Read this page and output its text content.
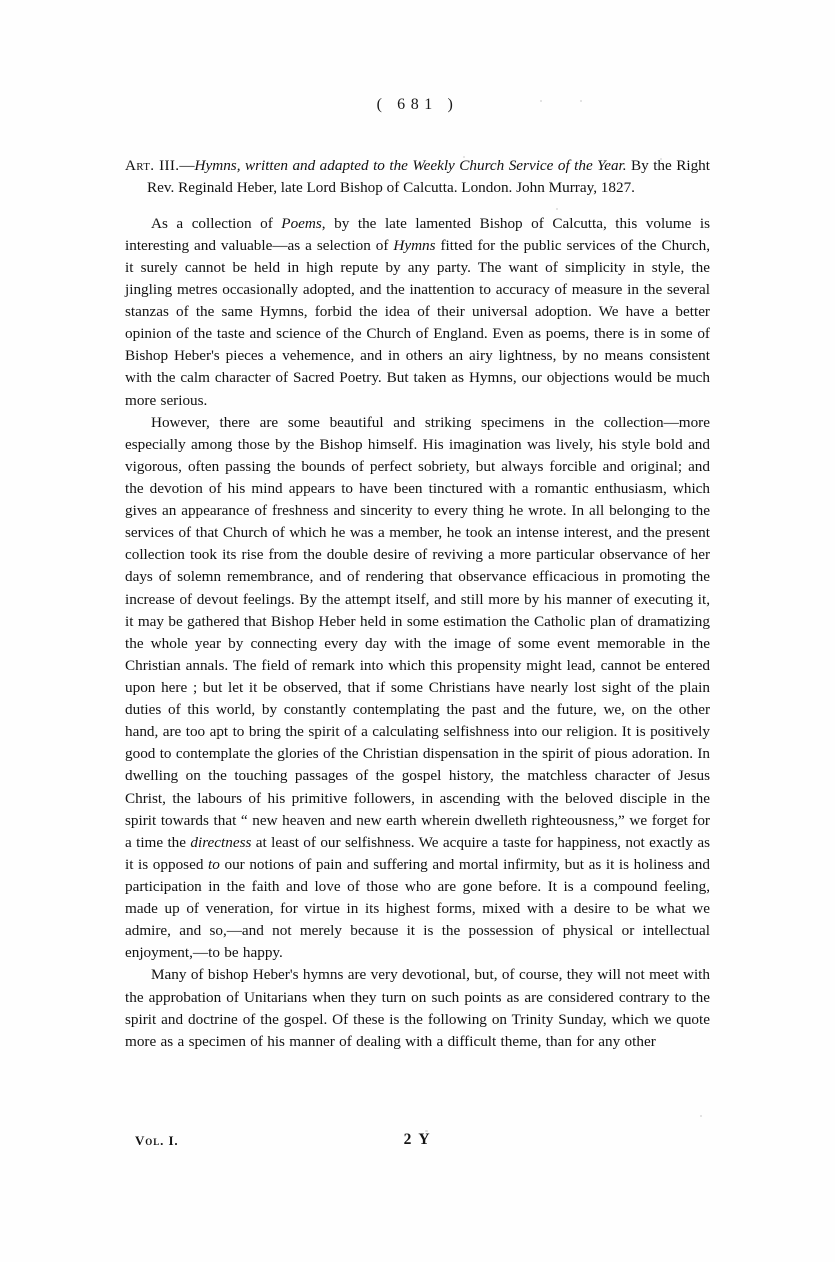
( 681 )

Art. III.—Hymns, written and adapted to the Weekly Church Service of the Year. By the Right Rev. Reginald Heber, late Lord Bishop of Calcutta. London. John Murray, 1827.

As a collection of Poems, by the late lamented Bishop of Calcutta, this volume is interesting and valuable—as a selection of Hymns fitted for the public services of the Church, it surely cannot be held in high repute by any party. The want of simplicity in style, the jingling metres occasionally adopted, and the inattention to accuracy of measure in the several stanzas of the same Hymns, forbid the idea of their universal adoption. We have a better opinion of the taste and science of the Church of England. Even as poems, there is in some of Bishop Heber's pieces a vehemence, and in others an airy lightness, by no means consistent with the calm character of Sacred Poetry. But taken as Hymns, our objections would be much more serious.

However, there are some beautiful and striking specimens in the collection—more especially among those by the Bishop himself. His imagination was lively, his style bold and vigorous, often passing the bounds of perfect sobriety, but always forcible and original; and the devotion of his mind appears to have been tinctured with a romantic enthusiasm, which gives an appearance of freshness and sincerity to every thing he wrote. In all belonging to the services of that Church of which he was a member, he took an intense interest, and the present collection took its rise from the double desire of reviving a more particular observance of her days of solemn remembrance, and of rendering that observance efficacious in promoting the increase of devout feelings. By the attempt itself, and still more by his manner of executing it, it may be gathered that Bishop Heber held in some estimation the Catholic plan of dramatizing the whole year by connecting every day with the image of some event memorable in the Christian annals. The field of remark into which this propensity might lead, cannot be entered upon here ; but let it be observed, that if some Christians have nearly lost sight of the plain duties of this world, by constantly contemplating the past and the future, we, on the other hand, are too apt to bring the spirit of a calculating selfishness into our religion. It is positively good to contemplate the glories of the Christian dispensation in the spirit of pious adoration. In dwelling on the touching passages of the gospel history, the matchless character of Jesus Christ, the labours of his primitive followers, in ascending with the beloved disciple in the spirit towards that “ new heaven and new earth wherein dwelleth righteousness,” we forget for a time the directness at least of our selfishness. We acquire a taste for happiness, not exactly as it is opposed to our notions of pain and suffering and mortal infirmity, but as it is holiness and participation in the faith and love of those who are gone before. It is a compound feeling, made up of veneration, for virtue in its highest forms, mixed with a desire to be what we admire, and so,—and not merely because it is the possession of physical or intellectual enjoyment,—to be happy.

Many of bishop Heber's hymns are very devotional, but, of course, they will not meet with the approbation of Unitarians when they turn on such points as are considered contrary to the spirit and doctrine of the gospel. Of these is the following on Trinity Sunday, which we quote more as a specimen of his manner of dealing with a difficult theme, than for any other

Vol. I.	2 Y
